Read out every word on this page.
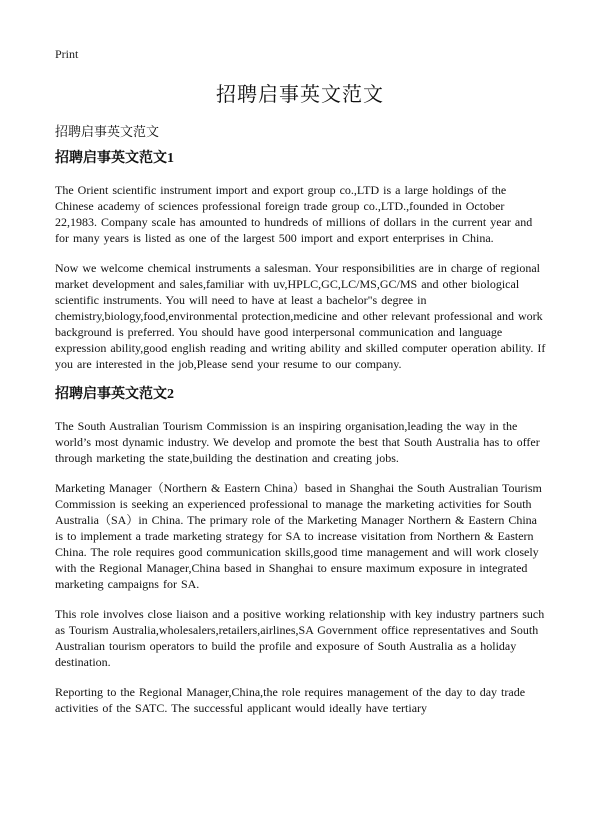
Print
招聘启事英文范文

招聘启事英文范文

招聘启事英文范文1

The Orient scientific instrument import and export group co.,LTD is a large holdings of the Chinese academy of sciences professional foreign trade group co.,LTD.,founded in October 22,1983. Company scale has amounted to hundreds of millions of dollars in the current year and for many years is listed as one of the largest 500 import and export enterprises in China.

Now we welcome chemical instruments a salesman. Your responsibilities are in charge of regional market development and sales,familiar with uv,HPLC,GC,LC/MS,GC/MS and other biological scientific instruments. You will need to have at least a bachelor"s degree in chemistry,biology,food,environmental protection,medicine and other relevant professional and work background is preferred. You should have good interpersonal communication and language expression ability,good english reading and writing ability and skilled computer operation ability. If you are interested in the job,Please send your resume to our company.

招聘启事英文范文2

The South Australian Tourism Commission is an inspiring organisation,leading the way in the world’s most dynamic industry. We develop and promote the best that South Australia has to offer through marketing the state,building the destination and creating jobs.

Marketing Manager（Northern & Eastern China）based in Shanghai the South Australian Tourism Commission is seeking an experienced professional to manage the marketing activities for South Australia（SA）in China. The primary role of the Marketing Manager Northern & Eastern China is to implement a trade marketing strategy for SA to increase visitation from Northern & Eastern China. The role requires good communication skills,good time management and will work closely with the Regional Manager,China based in Shanghai to ensure maximum exposure in integrated marketing campaigns for SA.

This role involves close liaison and a positive working relationship with key industry partners such as Tourism Australia,wholesalers,retailers,airlines,SA Government office representatives and South Australian tourism operators to build the profile and exposure of South Australia as a holiday destination.

Reporting to the Regional Manager,China,the role requires management of the day to day trade activities of the SATC. The successful applicant would ideally have tertiary
